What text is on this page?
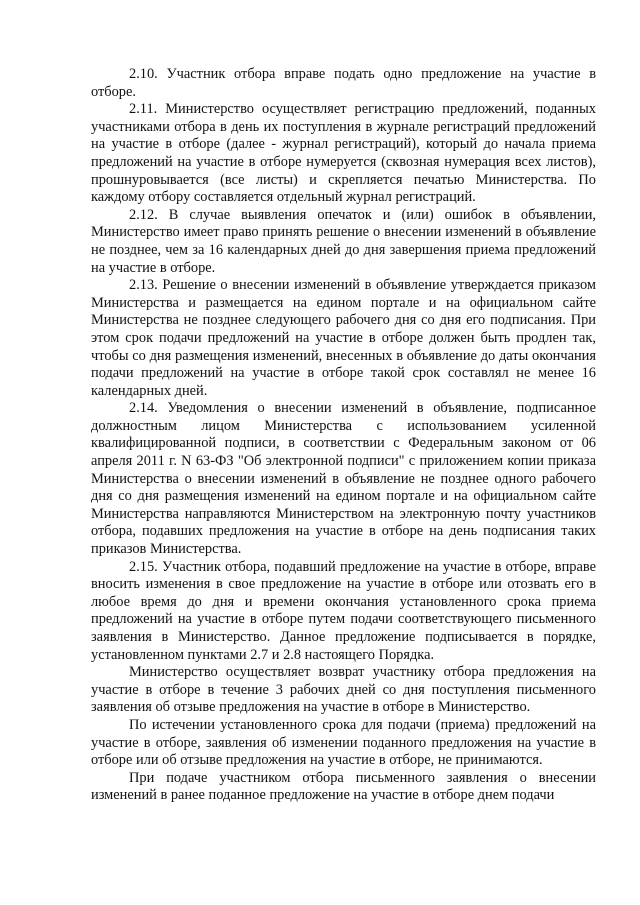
2.10. Участник отбора вправе подать одно предложение на участие в отборе.

2.11. Министерство осуществляет регистрацию предложений, поданных участниками отбора в день их поступления в журнале регистраций предложений на участие в отборе (далее - журнал регистраций), который до начала приема предложений на участие в отборе нумеруется (сквозная нумерация всех листов), прошнуровывается (все листы) и скрепляется печатью Министерства. По каждому отбору составляется отдельный журнал регистраций.

2.12. В случае выявления опечаток и (или) ошибок в объявлении, Министерство имеет право принять решение о внесении изменений в объявление не позднее, чем за 16 календарных дней до дня завершения приема предложений на участие в отборе.

2.13. Решение о внесении изменений в объявление утверждается приказом Министерства и размещается на едином портале и на официальном сайте Министерства не позднее следующего рабочего дня со дня его подписания. При этом срок подачи предложений на участие в отборе должен быть продлен так, чтобы со дня размещения изменений, внесенных в объявление до даты окончания подачи предложений на участие в отборе такой срок составлял не менее 16 календарных дней.

2.14. Уведомления о внесении изменений в объявление, подписанное должностным лицом Министерства с использованием усиленной квалифицированной подписи, в соответствии с Федеральным законом от 06 апреля 2011 г. N 63-ФЗ "Об электронной подписи" с приложением копии приказа Министерства о внесении изменений в объявление не позднее одного рабочего дня со дня размещения изменений на едином портале и на официальном сайте Министерства направляются Министерством на электронную почту участников отбора, подавших предложения на участие в отборе на день подписания таких приказов Министерства.

2.15. Участник отбора, подавший предложение на участие в отборе, вправе вносить изменения в свое предложение на участие в отборе или отозвать его в любое время до дня и времени окончания установленного срока приема предложений на участие в отборе путем подачи соответствующего письменного заявления в Министерство. Данное предложение подписывается в порядке, установленном пунктами 2.7 и 2.8 настоящего Порядка.

Министерство осуществляет возврат участнику отбора предложения на участие в отборе в течение 3 рабочих дней со дня поступления письменного заявления об отзыве предложения на участие в отборе в Министерство.

По истечении установленного срока для подачи (приема) предложений на участие в отборе, заявления об изменении поданного предложения на участие в отборе или об отзыве предложения на участие в отборе, не принимаются.

При подаче участником отбора письменного заявления о внесении изменений в ранее поданное предложение на участие в отборе днем подачи
